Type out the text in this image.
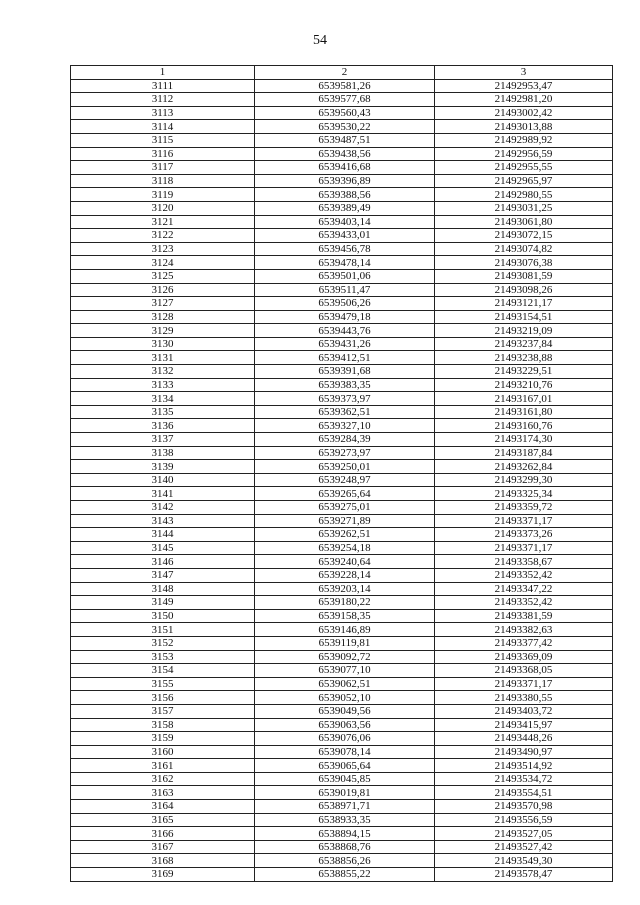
54
1	2	3
3111	6539581,26	21492953,47
3112	6539577,68	21492981,20
3113	6539560,43	21493002,42
3114	6539530,22	21493013,88
3115	6539487,51	21492989,92
3116	6539438,56	21492956,59
3117	6539416,68	21492955,55
3118	6539396,89	21492965,97
3119	6539388,56	21492980,55
3120	6539389,49	21493031,25
3121	6539403,14	21493061,80
3122	6539433,01	21493072,15
3123	6539456,78	21493074,82
3124	6539478,14	21493076,38
3125	6539501,06	21493081,59
3126	6539511,47	21493098,26
3127	6539506,26	21493121,17
3128	6539479,18	21493154,51
3129	6539443,76	21493219,09
3130	6539431,26	21493237,84
3131	6539412,51	21493238,88
3132	6539391,68	21493229,51
3133	6539383,35	21493210,76
3134	6539373,97	21493167,01
3135	6539362,51	21493161,80
3136	6539327,10	21493160,76
3137	6539284,39	21493174,30
3138	6539273,97	21493187,84
3139	6539250,01	21493262,84
3140	6539248,97	21493299,30
3141	6539265,64	21493325,34
3142	6539275,01	21493359,72
3143	6539271,89	21493371,17
3144	6539262,51	21493373,26
3145	6539254,18	21493371,17
3146	6539240,64	21493358,67
3147	6539228,14	21493352,42
3148	6539203,14	21493347,22
3149	6539180,22	21493352,42
3150	6539158,35	21493381,59
3151	6539146,89	21493382,63
3152	6539119,81	21493377,42
3153	6539092,72	21493369,09
3154	6539077,10	21493368,05
3155	6539062,51	21493371,17
3156	6539052,10	21493380,55
3157	6539049,56	21493403,72
3158	6539063,56	21493415,97
3159	6539076,06	21493448,26
3160	6539078,14	21493490,97
3161	6539065,64	21493514,92
3162	6539045,85	21493534,72
3163	6539019,81	21493554,51
3164	6538971,71	21493570,98
3165	6538933,35	21493556,59
3166	6538894,15	21493527,05
3167	6538868,76	21493527,42
3168	6538856,26	21493549,30
3169	6538855,22	21493578,47
